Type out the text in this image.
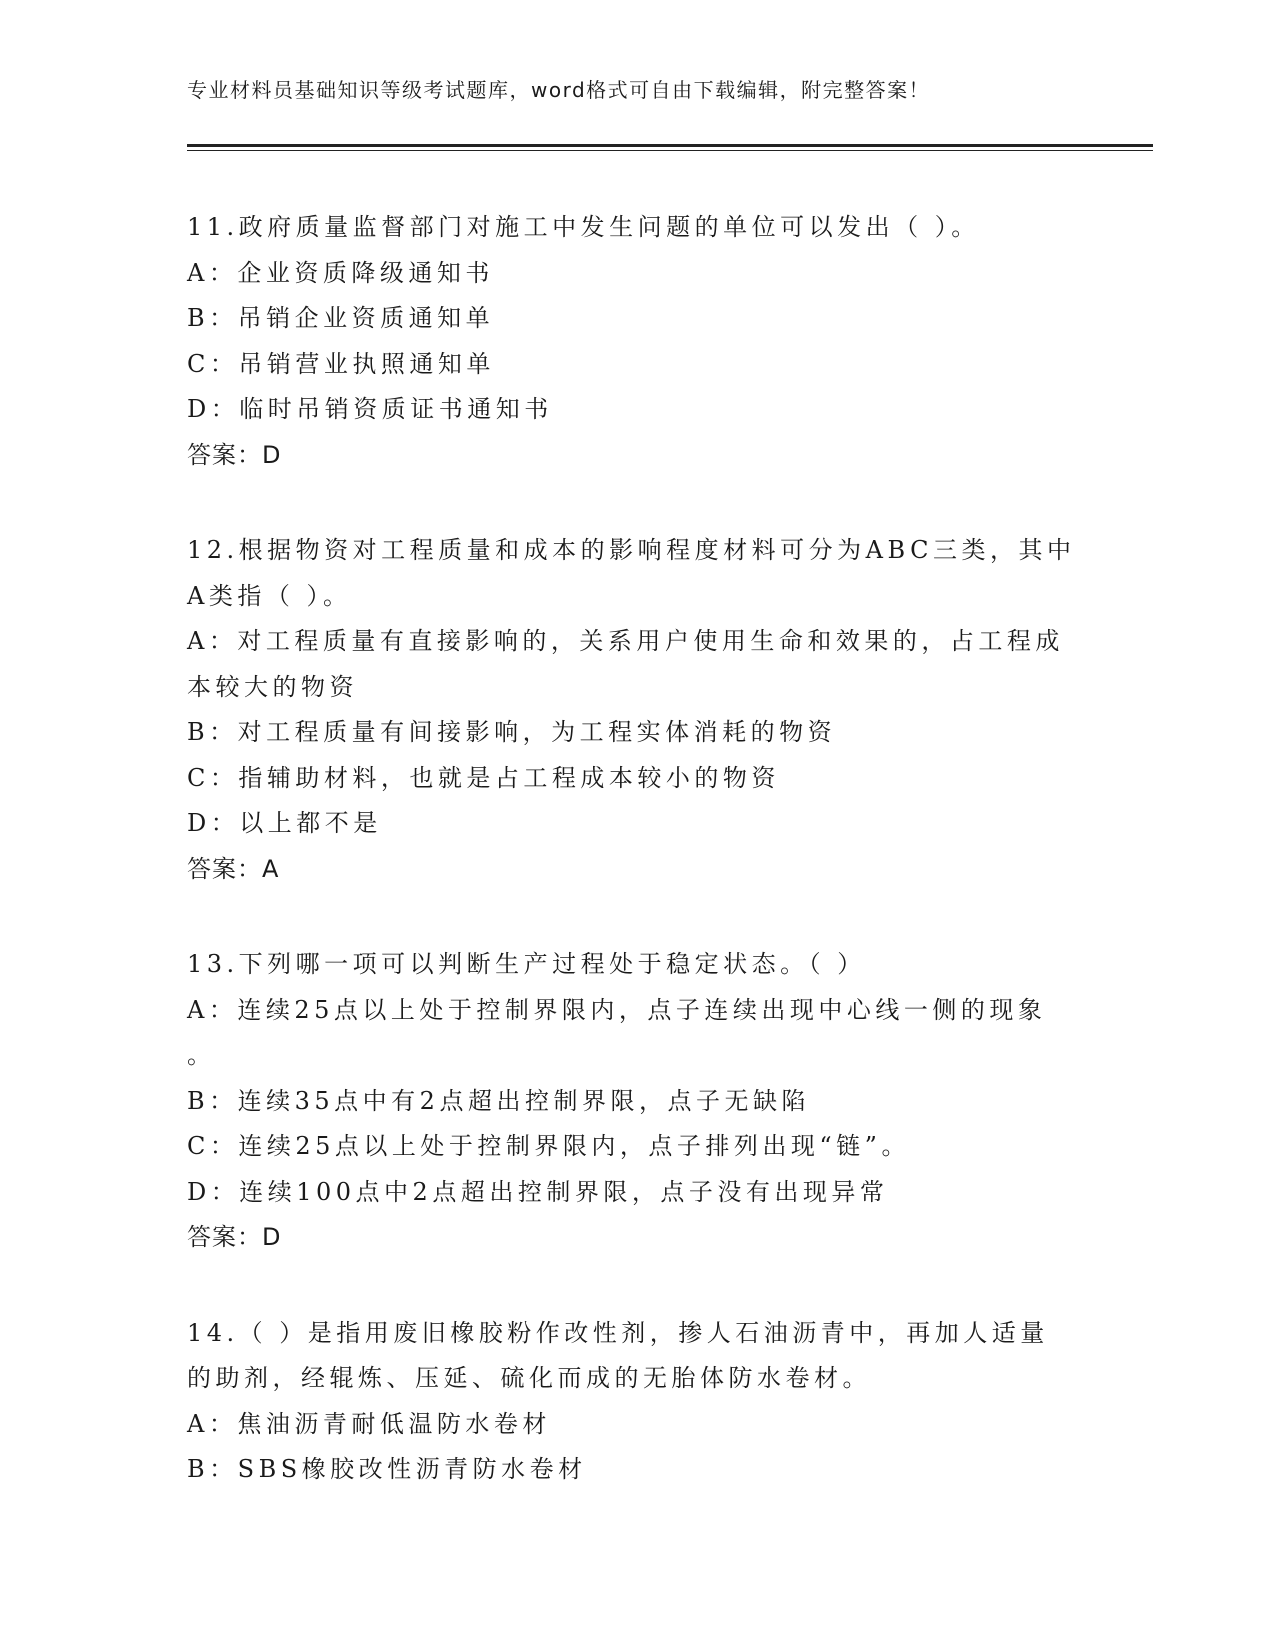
专业材料员基础知识等级考试题库，word格式可自由下载编辑，附完整答案！
11.政府质量监督部门对施工中发生问题的单位可以发出（ ）。
A：企业资质降级通知书
B：吊销企业资质通知单
C：吊销营业执照通知单
D：临时吊销资质证书通知书
答案：D
12.根据物资对工程质量和成本的影响程度材料可分为ABC三类，其中
A类指（ ）。
A：对工程质量有直接影响的，关系用户使用生命和效果的，占工程成
本较大的物资
B：对工程质量有间接影响，为工程实体消耗的物资
C：指辅助材料，也就是占工程成本较小的物资
D：以上都不是
答案：A
13.下列哪一项可以判断生产过程处于稳定状态。（ ）
A：连续25点以上处于控制界限内，点子连续出现中心线一侧的现象
。
B：连续35点中有2点超出控制界限，点子无缺陷
C：连续25点以上处于控制界限内，点子排列出现“链”。
D：连续100点中2点超出控制界限，点子没有出现异常
答案：D
14.（ ）是指用废旧橡胶粉作改性剂，掺人石油沥青中，再加人适量
的助剂，经辊炼、压延、硫化而成的无胎体防水卷材。
A：焦油沥青耐低温防水卷材
B：SBS橡胶改性沥青防水卷材
